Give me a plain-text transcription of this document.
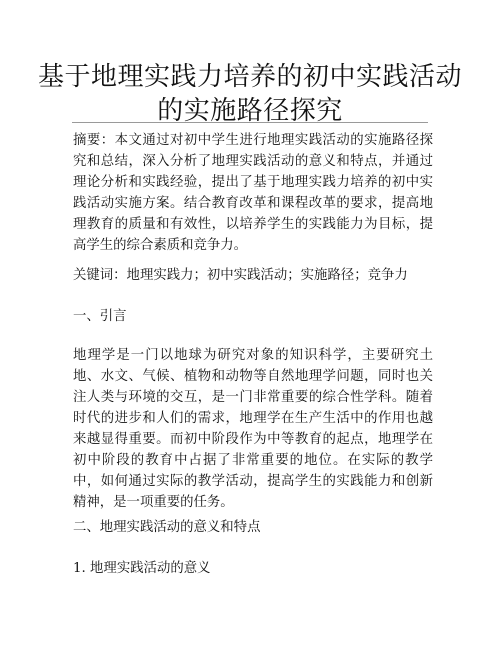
基于地理实践力培养的初中实践活动的实施路径探究

摘要：本文通过对初中学生进行地理实践活动的实施路径探究和总结，深入分析了地理实践活动的意义和特点，并通过理论分析和实践经验，提出了基于地理实践力培养的初中实践活动实施方案。结合教育改革和课程改革的要求，提高地理教育的质量和有效性，以培养学生的实践能力为目标，提高学生的综合素质和竞争力。

关键词：地理实践力；初中实践活动；实施路径；竞争力

一、引言

地理学是一门以地球为研究对象的知识科学，主要研究土地、水文、气候、植物和动物等自然地理学问题，同时也关注人类与环境的交互，是一门非常重要的综合性学科。随着时代的进步和人们的需求，地理学在生产生活中的作用也越来越显得重要。而初中阶段作为中等教育的起点，地理学在初中阶段的教育中占据了非常重要的地位。在实际的教学中，如何通过实际的教学活动，提高学生的实践能力和创新精神，是一项重要的任务。

二、地理实践活动的意义和特点

1. 地理实践活动的意义
